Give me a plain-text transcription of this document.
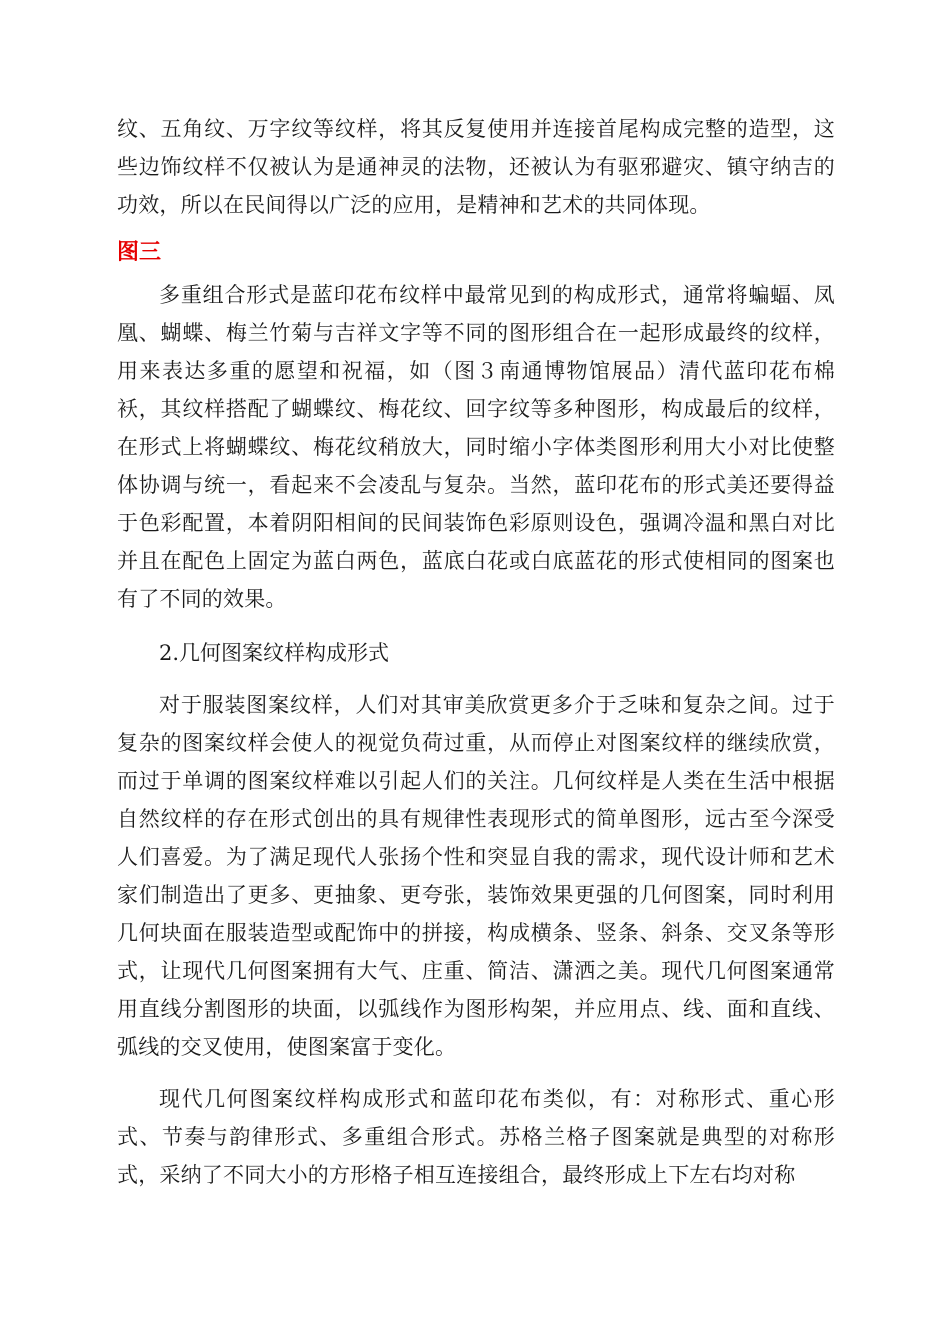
纹、五角纹、万字纹等纹样，将其反复使用并连接首尾构成完整的造型，这些边饰纹样不仅被认为是通神灵的法物，还被认为有驱邪避灾、镇守纳吉的功效，所以在民间得以广泛的应用，是精神和艺术的共同体现。

图三

多重组合形式是蓝印花布纹样中最常见到的构成形式，通常将蝙蝠、凤凰、蝴蝶、梅兰竹菊与吉祥文字等不同的图形组合在一起形成最终的纹样，用来表达多重的愿望和祝福，如（图３南通博物馆展品）清代蓝印花布棉袄，其纹样搭配了蝴蝶纹、梅花纹、回字纹等多种图形，构成最后的纹样，在形式上将蝴蝶纹、梅花纹稍放大，同时缩小字体类图形利用大小对比使整体协调与统一，看起来不会凌乱与复杂。当然，蓝印花布的形式美还要得益于色彩配置，本着阴阳相间的民间装饰色彩原则设色，强调冷温和黑白对比并且在配色上固定为蓝白两色，蓝底白花或白底蓝花的形式使相同的图案也有了不同的效果。

2.几何图案纹样构成形式

对于服装图案纹样，人们对其审美欣赏更多介于乏味和复杂之间。过于复杂的图案纹样会使人的视觉负荷过重，从而停止对图案纹样的继续欣赏，而过于单调的图案纹样难以引起人们的关注。几何纹样是人类在生活中根据自然纹样的存在形式创出的具有规律性表现形式的简单图形，远古至今深受人们喜爱。为了满足现代人张扬个性和突显自我的需求，现代设计师和艺术家们制造出了更多、更抽象、更夸张，装饰效果更强的几何图案，同时利用几何块面在服装造型或配饰中的拼接，构成横条、竖条、斜条、交叉条等形式，让现代几何图案拥有大气、庄重、简洁、潇洒之美。现代几何图案通常用直线分割图形的块面，以弧线作为图形构架，并应用点、线、面和直线、弧线的交叉使用，使图案富于变化。

现代几何图案纹样构成形式和蓝印花布类似，有：对称形式、重心形式、节奏与韵律形式、多重组合形式。苏格兰格子图案就是典型的对称形式，采纳了不同大小的方形格子相互连接组合，最终形成上下左右均对称
